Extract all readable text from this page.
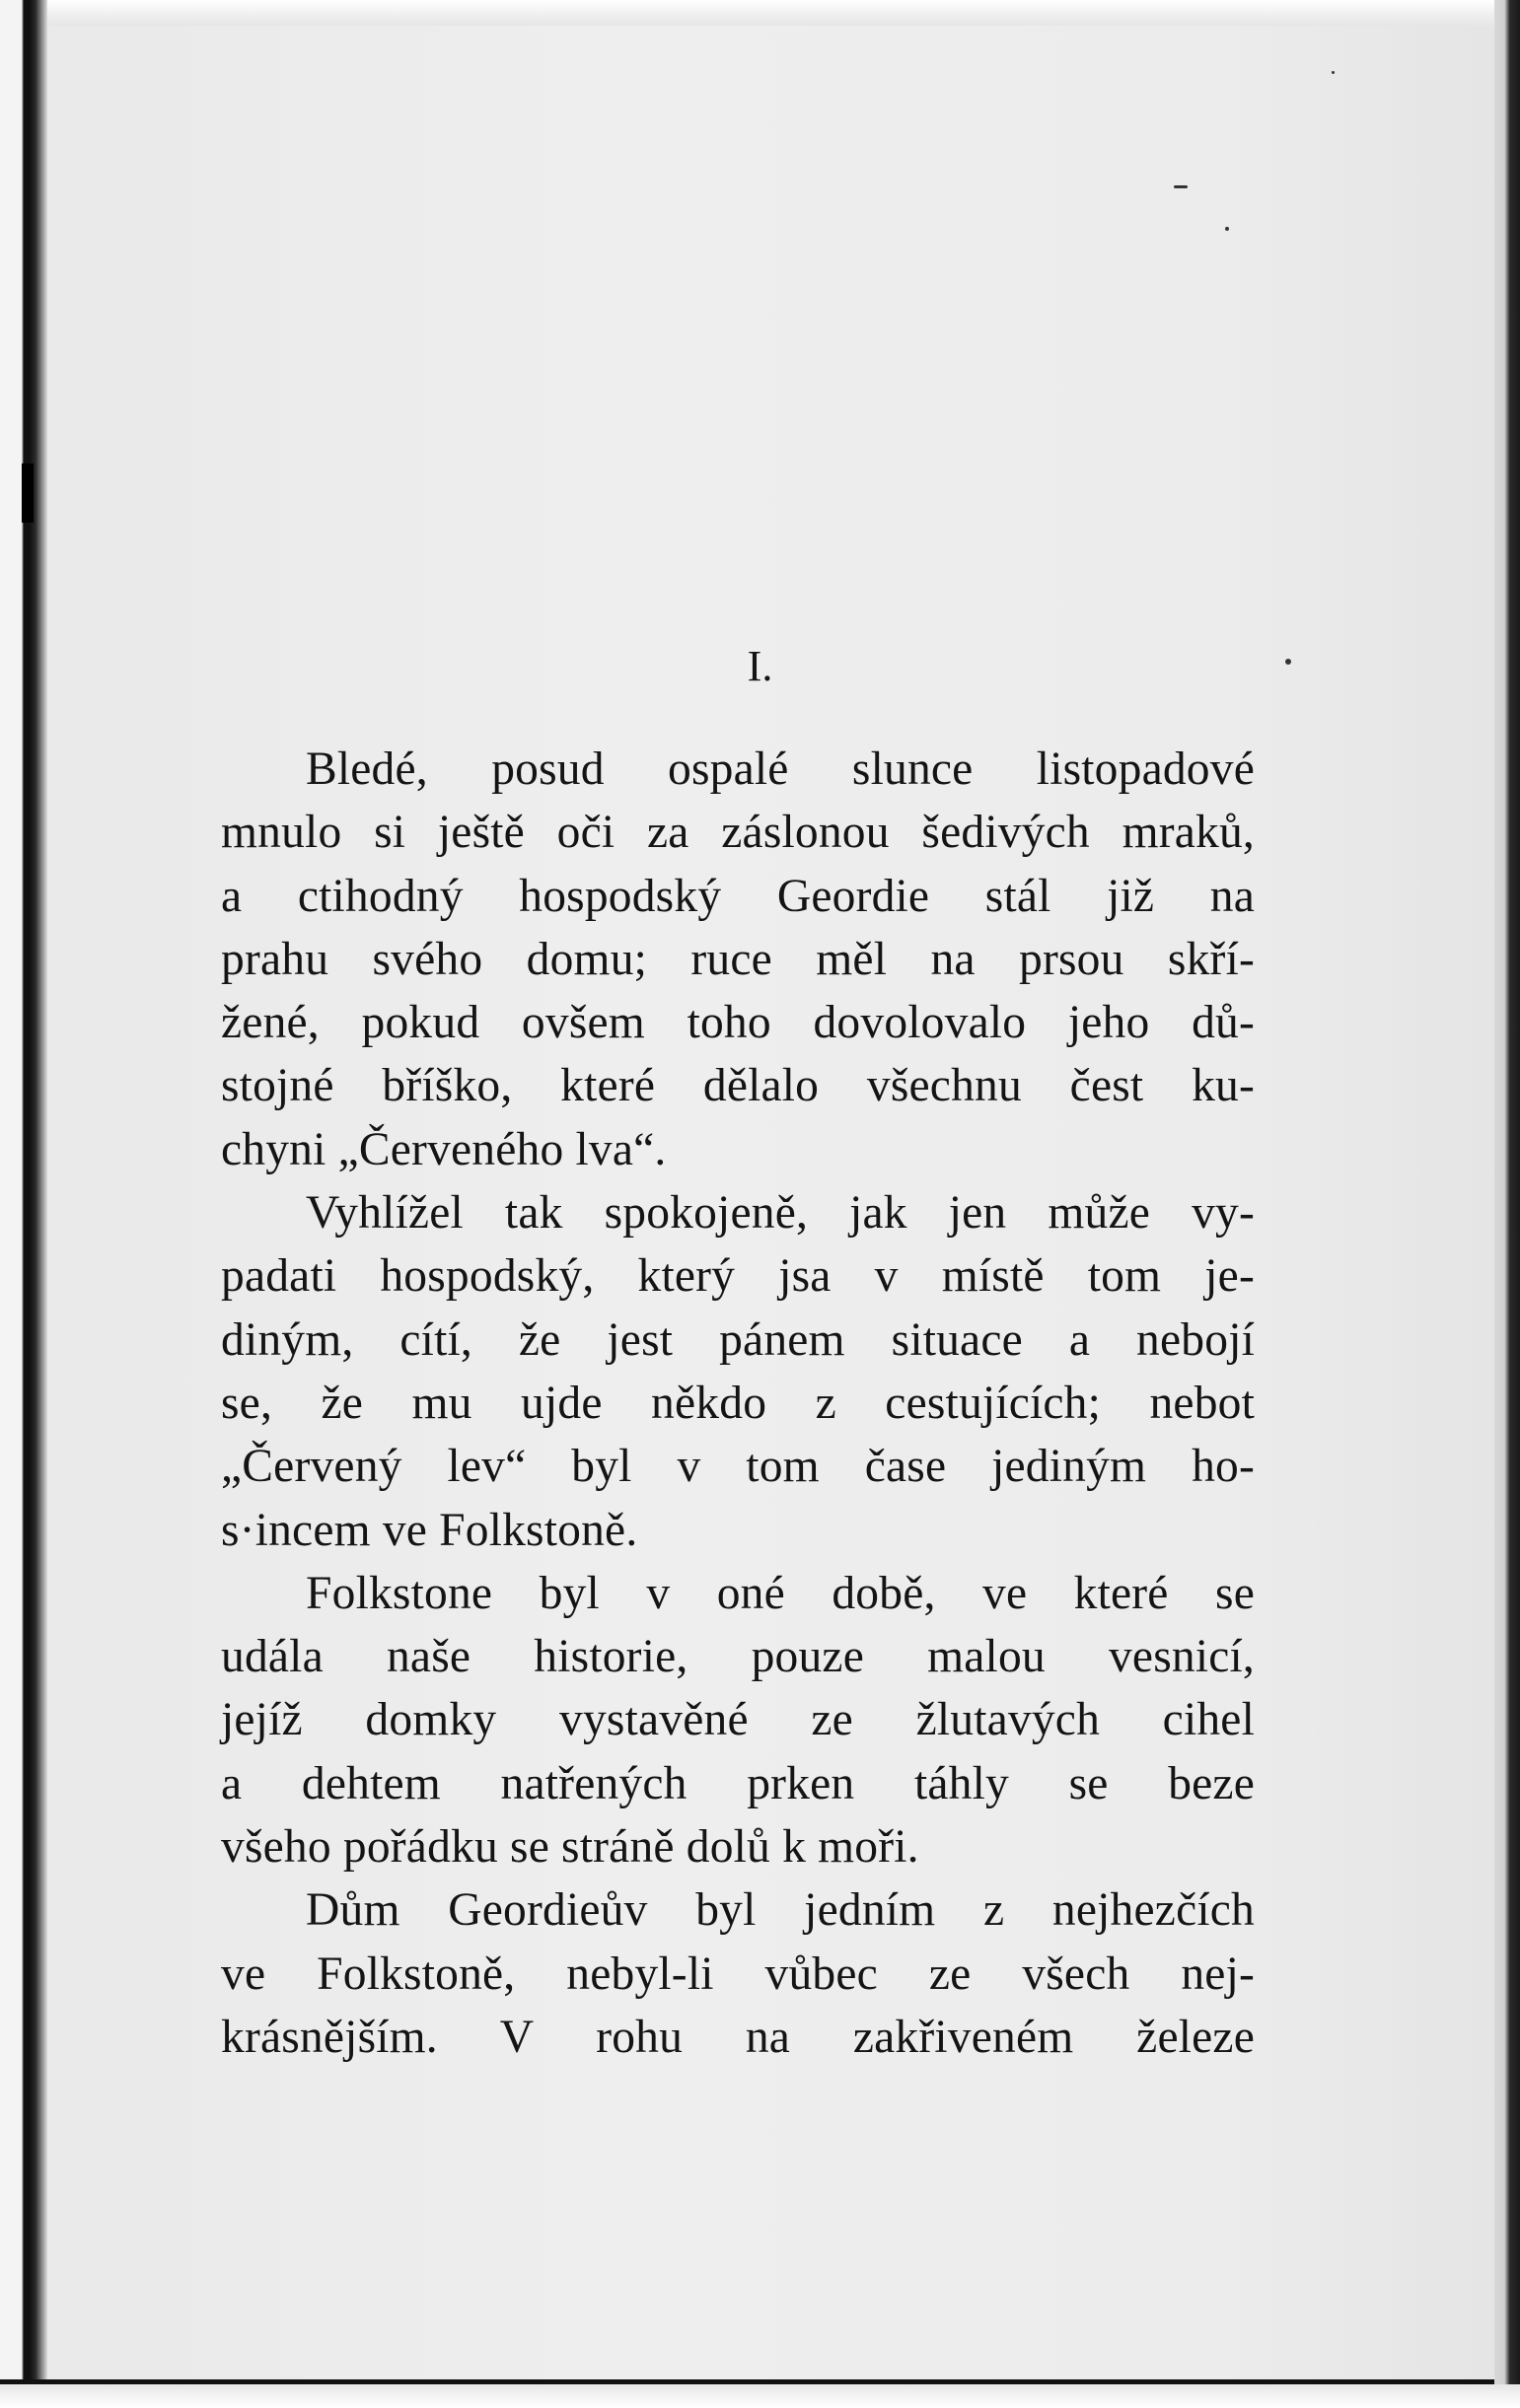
I.
Bledé, posud ospalé slunce listopadové
mnulo si ještě oči za záslonou šedivých mraků,
a ctihodný hospodský Geordie stál již na
prahu svého domu; ruce měl na prsou skří-
žené, pokud ovšem toho dovolovalo jeho dů-
stojné bříško, které dělalo všechnu čest ku-
chyni „Červeného lva“.
Vyhlížel tak spokojeně, jak jen může vy-
padati hospodský, který jsa v místě tom je-
diným, cítí, že jest pánem situace a nebojí
se, že mu ujde někdo z cestujících; nebot
„Červený lev“ byl v tom čase jediným ho-
s·incem ve Folkstoně.
Folkstone byl v oné době, ve které se
udála naše historie, pouze malou vesnicí,
jejíž domky vystavěné ze žlutavých cihel
a dehtem natřených prken táhly se beze
všeho pořádku se stráně dolů k moři.
Dům Geordieův byl jedním z nejhezčích
ve Folkstoně, nebyl-li vůbec ze všech nej-
krásnějším. V rohu na zakřiveném železe
